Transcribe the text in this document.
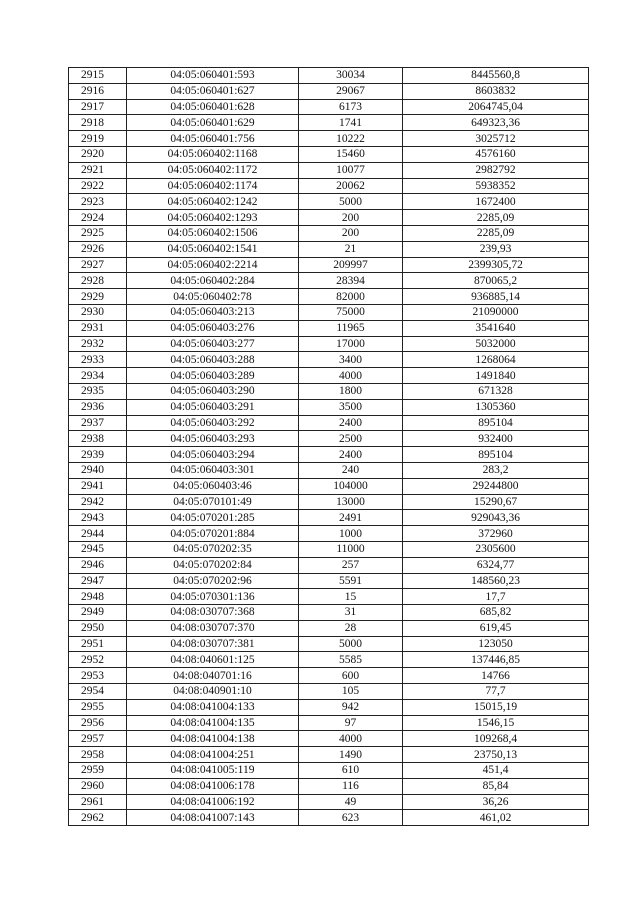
2915	04:05:060401:593	30034	8445560,8
2916	04:05:060401:627	29067	8603832
2917	04:05:060401:628	6173	2064745,04
2918	04:05:060401:629	1741	649323,36
2919	04:05:060401:756	10222	3025712
2920	04:05:060402:1168	15460	4576160
2921	04:05:060402:1172	10077	2982792
2922	04:05:060402:1174	20062	5938352
2923	04:05:060402:1242	5000	1672400
2924	04:05:060402:1293	200	2285,09
2925	04:05:060402:1506	200	2285,09
2926	04:05:060402:1541	21	239,93
2927	04:05:060402:2214	209997	2399305,72
2928	04:05:060402:284	28394	870065,2
2929	04:05:060402:78	82000	936885,14
2930	04:05:060403:213	75000	21090000
2931	04:05:060403:276	11965	3541640
2932	04:05:060403:277	17000	5032000
2933	04:05:060403:288	3400	1268064
2934	04:05:060403:289	4000	1491840
2935	04:05:060403:290	1800	671328
2936	04:05:060403:291	3500	1305360
2937	04:05:060403:292	2400	895104
2938	04:05:060403:293	2500	932400
2939	04:05:060403:294	2400	895104
2940	04:05:060403:301	240	283,2
2941	04:05:060403:46	104000	29244800
2942	04:05:070101:49	13000	15290,67
2943	04:05:070201:285	2491	929043,36
2944	04:05:070201:884	1000	372960
2945	04:05:070202:35	11000	2305600
2946	04:05:070202:84	257	6324,77
2947	04:05:070202:96	5591	148560,23
2948	04:05:070301:136	15	17,7
2949	04:08:030707:368	31	685,82
2950	04:08:030707:370	28	619,45
2951	04:08:030707:381	5000	123050
2952	04:08:040601:125	5585	137446,85
2953	04:08:040701:16	600	14766
2954	04:08:040901:10	105	77,7
2955	04:08:041004:133	942	15015,19
2956	04:08:041004:135	97	1546,15
2957	04:08:041004:138	4000	109268,4
2958	04:08:041004:251	1490	23750,13
2959	04:08:041005:119	610	451,4
2960	04:08:041006:178	116	85,84
2961	04:08:041006:192	49	36,26
2962	04:08:041007:143	623	461,02
